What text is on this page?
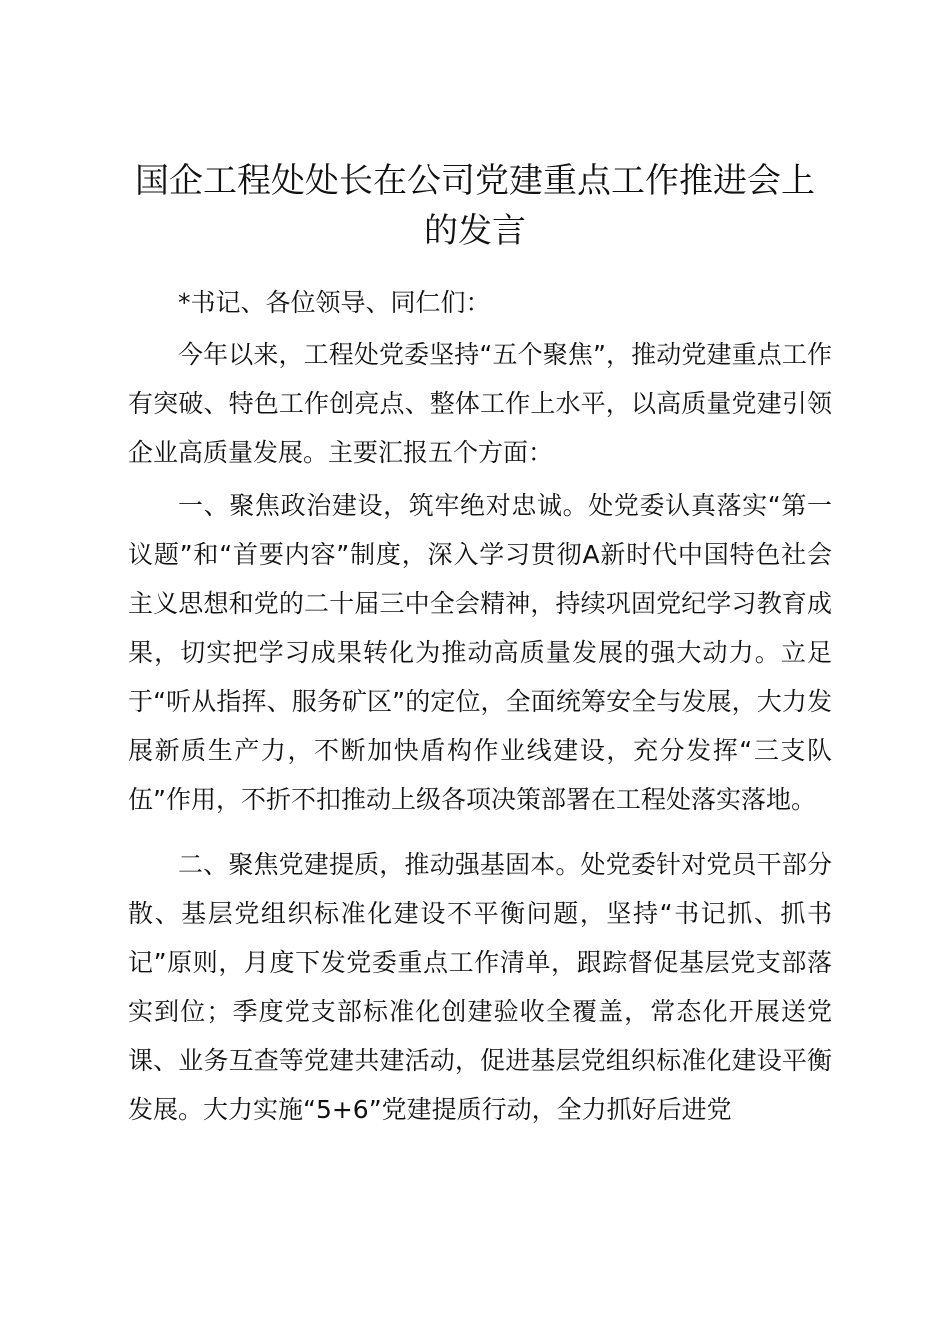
国企工程处处长在公司党建重点工作推进会上的发言

*书记、各位领导、同仁们：

今年以来，工程处党委坚持“五个聚焦”，推动党建重点工作有突破、特色工作创亮点、整体工作上水平，以高质量党建引领企业高质量发展。主要汇报五个方面：

一、聚焦政治建设，筑牢绝对忠诚。处党委认真落实“第一议题”和“首要内容”制度，深入学习贯彻A新时代中国特色社会主义思想和党的二十届三中全会精神，持续巩固党纪学习教育成果，切实把学习成果转化为推动高质量发展的强大动力。立足于“听从指挥、服务矿区”的定位，全面统筹安全与发展，大力发展新质生产力，不断加快盾构作业线建设，充分发挥“三支队伍”作用，不折不扣推动上级各项决策部署在工程处落实落地。

二、聚焦党建提质，推动强基固本。处党委针对党员干部分散、基层党组织标准化建设不平衡问题，坚持“书记抓、抓书记”原则，月度下发党委重点工作清单，跟踪督促基层党支部落实到位；季度党支部标准化创建验收全覆盖，常态化开展送党课、业务互查等党建共建活动，促进基层党组织标准化建设平衡发展。大力实施“5+6”党建提质行动，全力抓好后进党
